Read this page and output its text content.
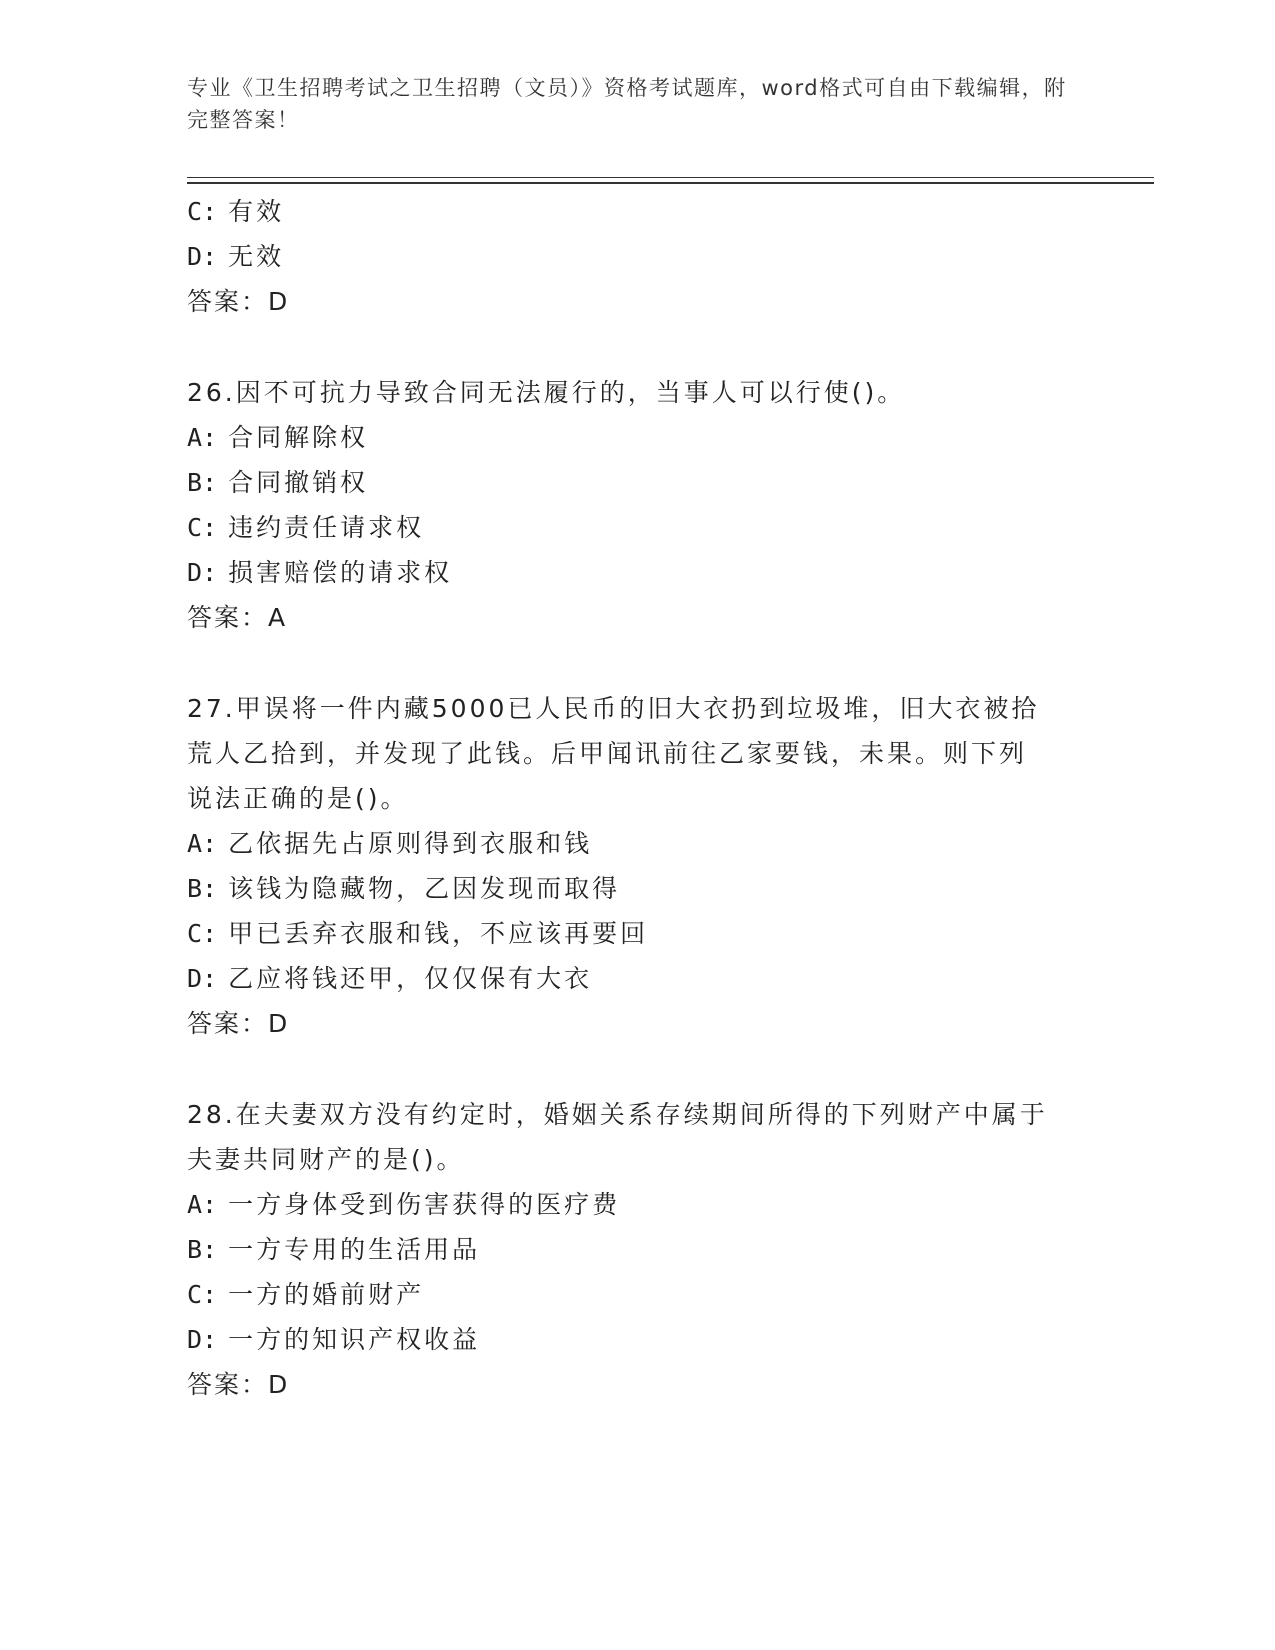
专业《卫生招聘考试之卫生招聘（文员）》资格考试题库，word格式可自由下载编辑，附完整答案！
C: 有效
D: 无效
答案：D
26.因不可抗力导致合同无法履行的，当事人可以行使()。
A: 合同解除权
B: 合同撤销权
C: 违约责任请求权
D: 损害赔偿的请求权
答案：A
27.甲误将一件内藏5000已人民币的旧大衣扔到垃圾堆，旧大衣被拾
荒人乙拾到，并发现了此钱。后甲闻讯前往乙家要钱，未果。则下列
说法正确的是()。
A: 乙依据先占原则得到衣服和钱
B: 该钱为隐藏物，乙因发现而取得
C: 甲已丢弃衣服和钱，不应该再要回
D: 乙应将钱还甲，仅仅保有大衣
答案：D
28.在夫妻双方没有约定时，婚姻关系存续期间所得的下列财产中属于
夫妻共同财产的是()。
A: 一方身体受到伤害获得的医疗费
B: 一方专用的生活用品
C: 一方的婚前财产
D: 一方的知识产权收益
答案：D
